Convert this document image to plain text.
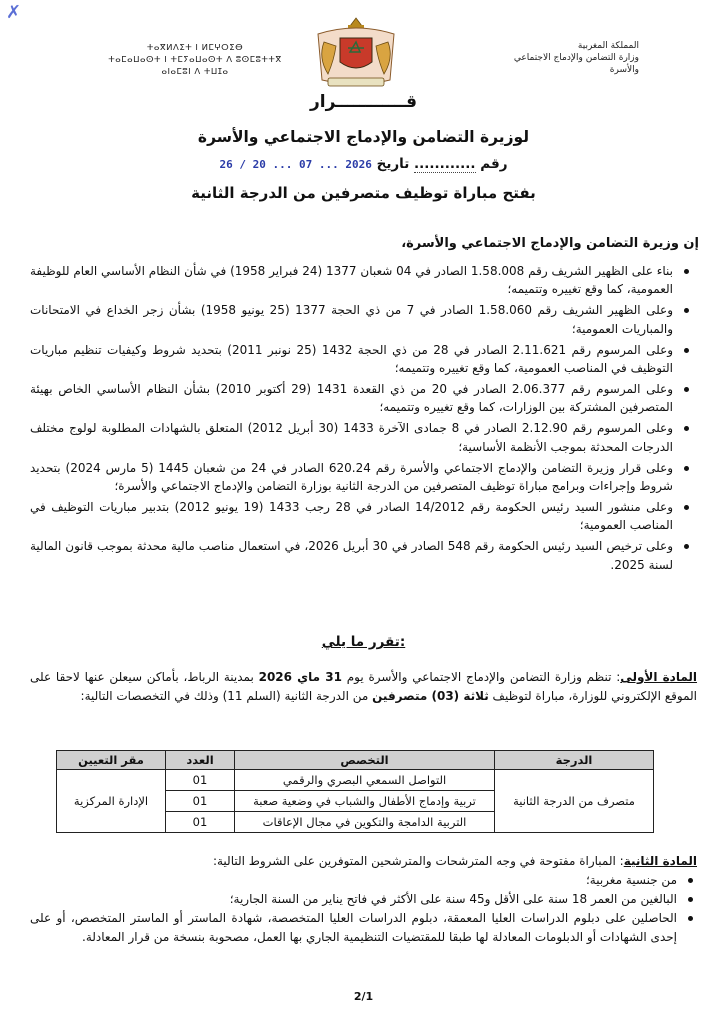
✗
ⵜⴰⴳⵍⴷⵉⵜ ⵏ ⵍⵎⵖⵔⵉⴱ
ⵜⴰⵎⴰⵡⴰⵙⵜ ⵏ ⵜⵎⵢⴰⵡⴰⵙⵜ ⴷ ⵓⵙⵎⵓⵜⵜⴳ
ⴰⵏⴰⵎⵓⵏ ⴷ ⵜⵡⵊⴰ
المملكة المغربية
وزارة التضامن والإدماج الاجتماعي
والأسرة
قــــــــــــرار
لوزيرة التضامن والإدماج الاجتماعي والأسرة
رقم ............ تاريخ 2026 ... 07 ... 20 / 26
بفتح مباراة توظيف متصرفين من الدرجة الثانية
إن وزيرة التضامن والإدماج الاجتماعي والأسرة،
بناء على الظهير الشريف رقم 1.58.008 الصادر في 04 شعبان 1377 (24 فبراير 1958) في شأن النظام الأساسي العام للوظيفة العمومية، كما وقع تغييره وتتميمه؛
وعلى الظهير الشريف رقم 1.58.060 الصادر في 7 من ذي الحجة 1377 (25 يونيو 1958) بشأن زجر الخداع في الامتحانات والمباريات العمومية؛
وعلى المرسوم رقم 2.11.621 الصادر في 28 من ذي الحجة 1432 (25 نونبر 2011) بتحديد شروط وكيفيات تنظيم مباريات التوظيف في المناصب العمومية، كما وقع تغييره وتتميمه؛
وعلى المرسوم رقم 2.06.377 الصادر في 20 من ذي القعدة 1431 (29 أكتوبر 2010) بشأن النظام الأساسي الخاص بهيئة المتصرفين المشتركة بين الوزارات، كما وقع تغييره وتتميمه؛
وعلى المرسوم رقم 2.12.90 الصادر في 8 جمادى الآخرة 1433 (30 أبريل 2012) المتعلق بالشهادات المطلوبة لولوج مختلف الدرجات المحدثة بموجب الأنظمة الأساسية؛
وعلى قرار وزيرة التضامن والإدماج الاجتماعي والأسرة رقم 620.24 الصادر في 24 من شعبان 1445 (5 مارس 2024) بتحديد شروط وإجراءات وبرامج مباراة توظيف المتصرفين من الدرجة الثانية بوزارة التضامن والإدماج الاجتماعي والأسرة؛
وعلى منشور السيد رئيس الحكومة رقم 14/2012 الصادر في 28 رجب 1433 (19 يونيو 2012) بتدبير مباريات التوظيف في المناصب العمومية؛
وعلى ترخيص السيد رئيس الحكومة رقم 548 الصادر في 30 أبريل 2026، في استعمال مناصب مالية محدثة بموجب قانون المالية لسنة 2025.
تقرر ما يلي:
المادة الأولى: تنظم وزارة التضامن والإدماج الاجتماعي والأسرة يوم 31 ماي 2026 بمدينة الرباط، بأماكن سيعلن عنها لاحقا على الموقع الإلكتروني للوزارة، مباراة لتوظيف ثلاثة (03) متصرفين من الدرجة الثانية (السلم 11) وذلك في التخصصات التالية:
الدرجة	التخصص	العدد	مقر التعيين
متصرف من الدرجة الثانية	التواصل السمعي البصري والرقمي	01	الإدارة المركزية
	تربية وإدماج الأطفال والشباب في وضعية صعبة	01	
	التربية الدامجة والتكوين في مجال الإعاقات	01	
المادة الثانية: المباراة مفتوحة في وجه المترشحات والمترشحين المتوفرين على الشروط التالية:
من جنسية مغربية؛
البالغين من العمر 18 سنة على الأقل و45 سنة على الأكثر في فاتح يناير من السنة الجارية؛
الحاصلين على دبلوم الدراسات العليا المعمقة، دبلوم الدراسات العليا المتخصصة، شهادة الماستر أو الماستر المتخصص، أو على إحدى الشهادات أو الدبلومات المعادلة لها طبقا للمقتضيات التنظيمية الجاري بها العمل، مصحوبة بنسخة من قرار المعادلة.
2/1
